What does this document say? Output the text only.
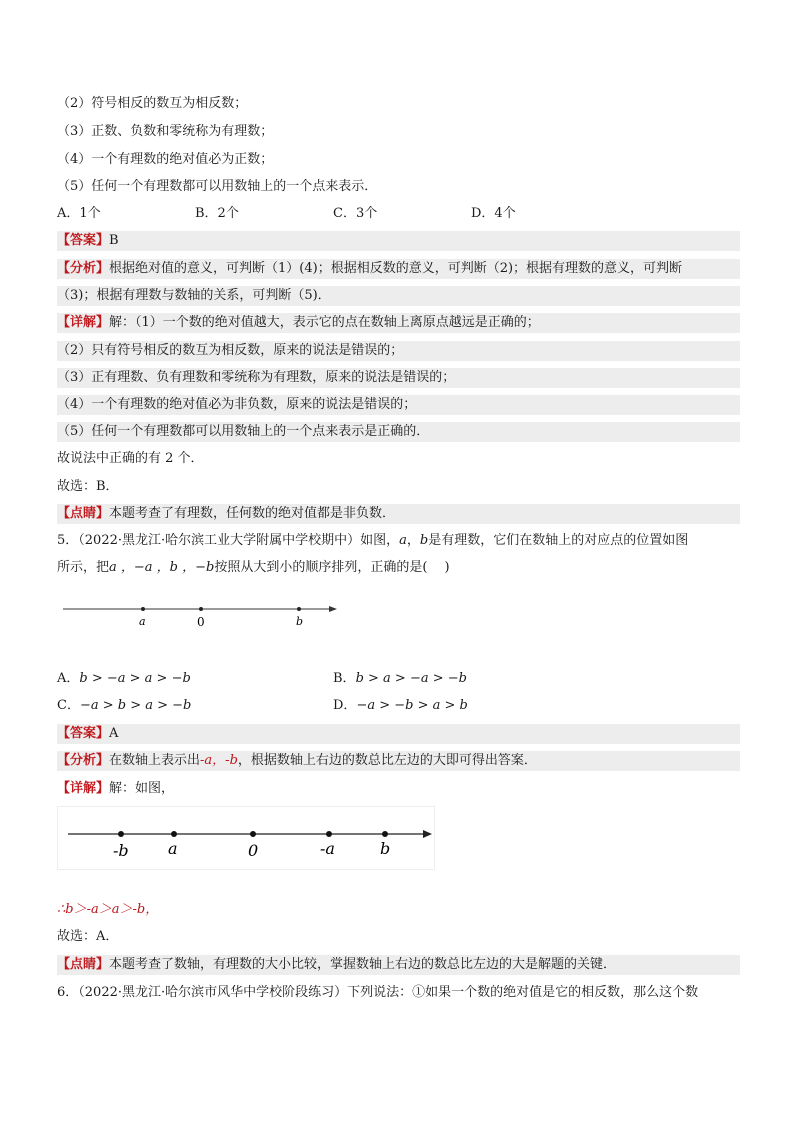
（2）符号相反的数互为相反数；
（3）正数、负数和零统称为有理数；
（4）一个有理数的绝对值必为正数；
（5）任何一个有理数都可以用数轴上的一个点来表示．
A．1个	B．2个	C．3个	D．4个
【答案】B
【分析】根据绝对值的意义，可判断（1）(4)；根据相反数的意义，可判断（2)；根据有理数的意义，可判断
（3)；根据有理数与数轴的关系，可判断（5)．
【详解】解：（1）一个数的绝对值越大，表示它的点在数轴上离原点越远是正确的；
（2）只有符号相反的数互为相反数，原来的说法是错误的；
（3）正有理数、负有理数和零统称为有理数，原来的说法是错误的；
（4）一个有理数的绝对值必为非负数，原来的说法是错误的；
（5）任何一个有理数都可以用数轴上的一个点来表示是正确的．
故说法中正确的有 2 个．
故选：B．
【点睛】本题考查了有理数，任何数的绝对值都是非负数．
5．（2022·黑龙江·哈尔滨工业大学附属中学校期中）如图，a，b是有理数，它们在数轴上的对应点的位置如图
所示，把a ，−a ，b ，−b按照从大到小的顺序排列，正确的是(　 )
a	0	b
A．b > −a > a > −b	B．b > a > −a > −b
C．−a > b > a > −b	D．−a > −b > a > b
【答案】A
【分析】在数轴上表示出-a，-b，根据数轴上右边的数总比左边的大即可得出答案．
【详解】解：如图，
-b a	0	-a	b
∴b＞-a＞a＞-b，
故选：A．
【点睛】本题考查了数轴，有理数的大小比较，掌握数轴上右边的数总比左边的大是解题的关键．
6．（2022·黑龙江·哈尔滨市风华中学校阶段练习）下列说法：①如果一个数的绝对值是它的相反数，那么这个数
